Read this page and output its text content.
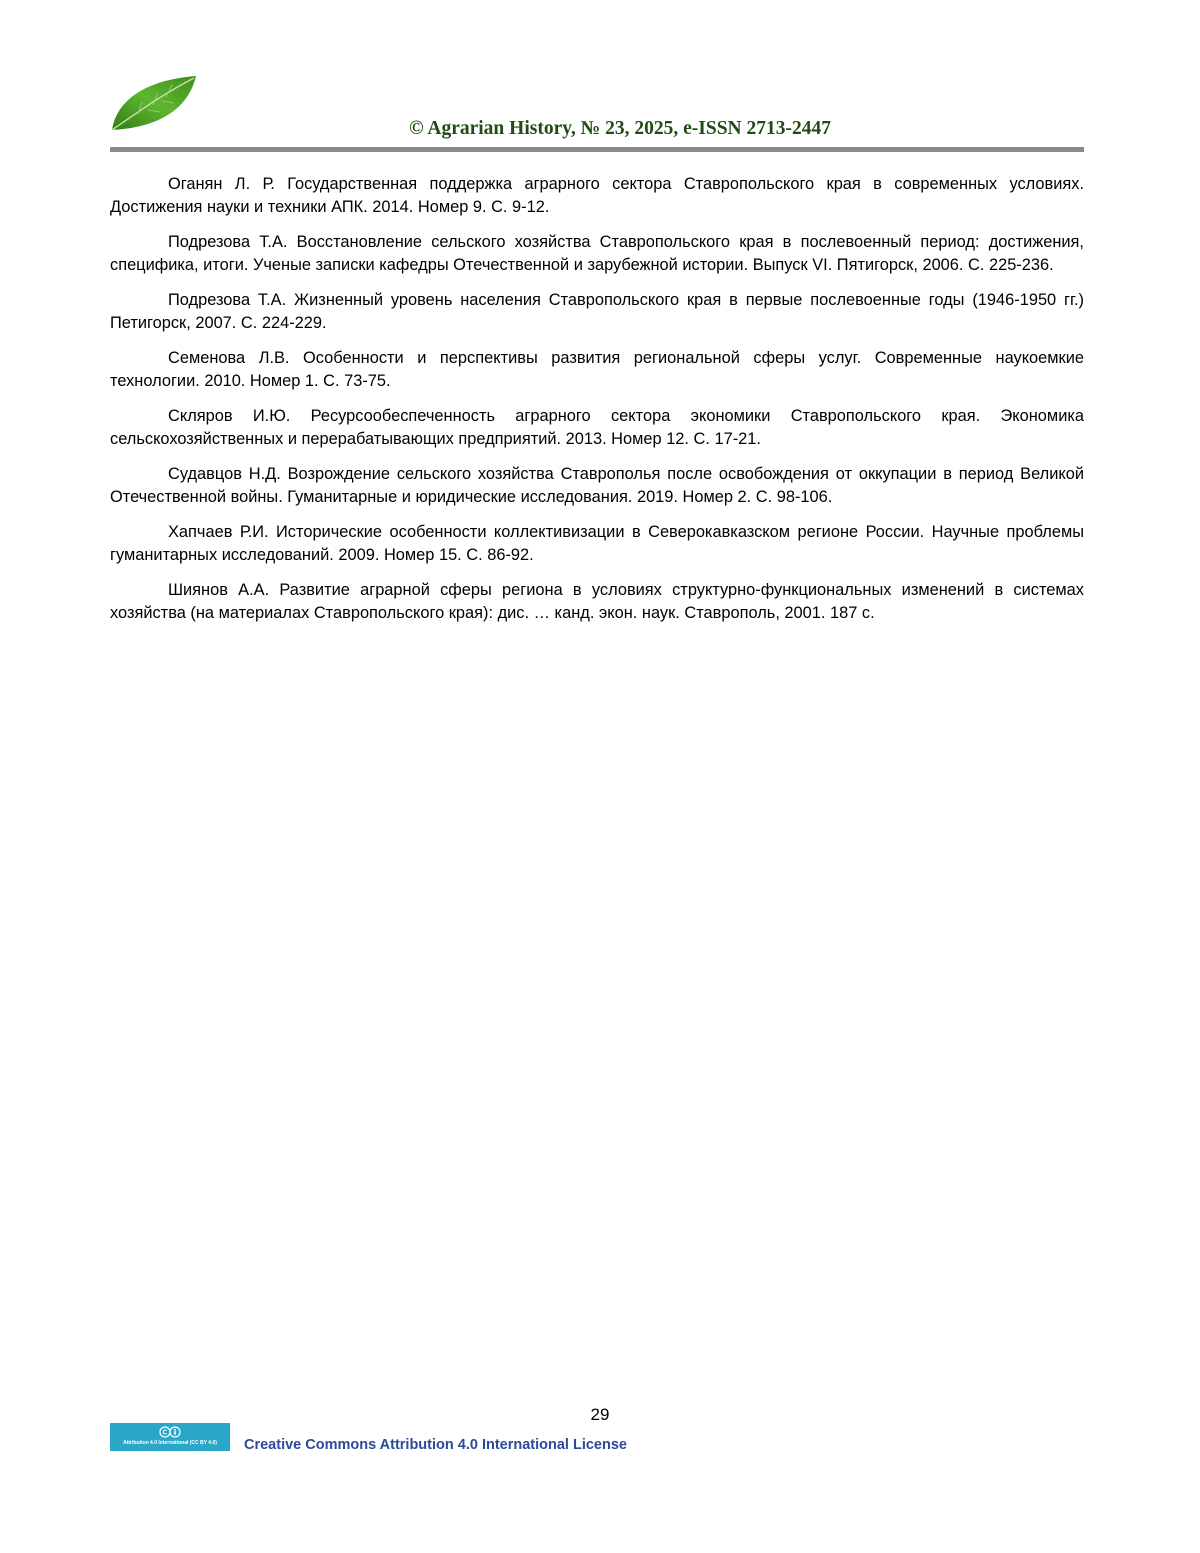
© Agrarian History, № 23, 2025, e-ISSN 2713-2447

Оганян Л. Р. Государственная поддержка аграрного сектора Ставропольского края в современных условиях. Достижения науки и техники АПК. 2014. Номер 9. С. 9-12.

Подрезова Т.А. Восстановление сельского хозяйства Ставропольского края в послевоенный период: достижения, специфика, итоги. Ученые записки кафедры Отечественной и зарубежной истории. Выпуск VI. Пятигорск, 2006. С. 225-236.

Подрезова Т.А. Жизненный уровень населения Ставропольского края в первые послевоенные годы (1946-1950 гг.) Петигорск, 2007. С. 224-229.

Семенова Л.В. Особенности и перспективы развития региональной сферы услуг. Современные наукоемкие технологии. 2010. Номер 1. С. 73-75.

Скляров И.Ю. Ресурсообеспеченность аграрного сектора экономики Ставропольского края. Экономика сельскохозяйственных и перерабатывающих предприятий. 2013. Номер 12. С. 17-21.

Судавцов Н.Д. Возрождение сельского хозяйства Ставрополья после освобождения от оккупации в период Великой Отечественной войны. Гуманитарные и юридические исследования. 2019. Номер 2. С. 98-106.

Хапчаев Р.И. Исторические особенности коллективизации в Северокавказском регионе России. Научные проблемы гуманитарных исследований. 2009. Номер 15. С. 86-92.

Шиянов А.А. Развитие аграрной сферы региона в условиях структурно-функциональных изменений в системах хозяйства (на материалах Ставропольского края): дис. … канд. экон. наук. Ставрополь, 2001. 187 с.

29
Attribution 4.0 International (CC BY 4.0)	Creative Commons Attribution 4.0 International License
